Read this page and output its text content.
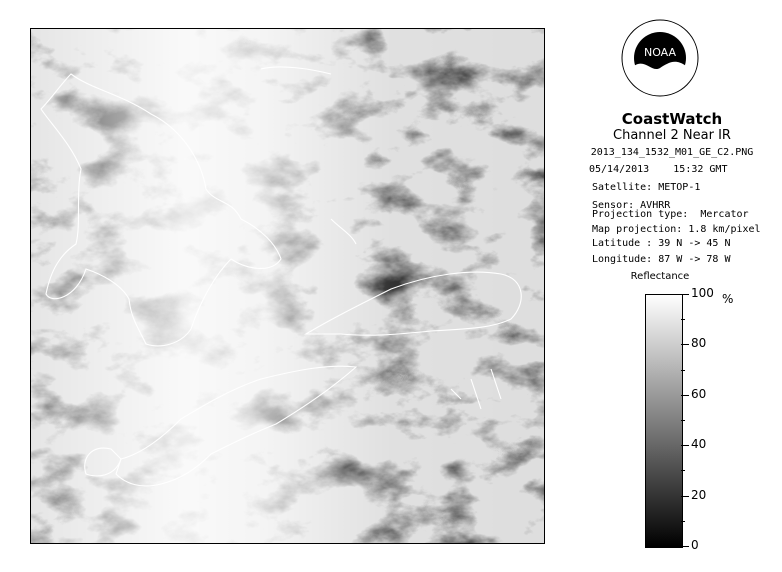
NOAA
CoastWatch
Channel 2 Near IR
2013_134_1532_M01_GE_C2.PNG
05/14/2013    15:32 GMT
Satellite: METOP-1
Sensor: AVHRR
Projection type:  Mercator
Map projection: 1.8 km/pixel
Latitude : 39 N -> 45 N
Longitude: 87 W -> 78 W
Reflectance
100
80
60
40
20
0
%
